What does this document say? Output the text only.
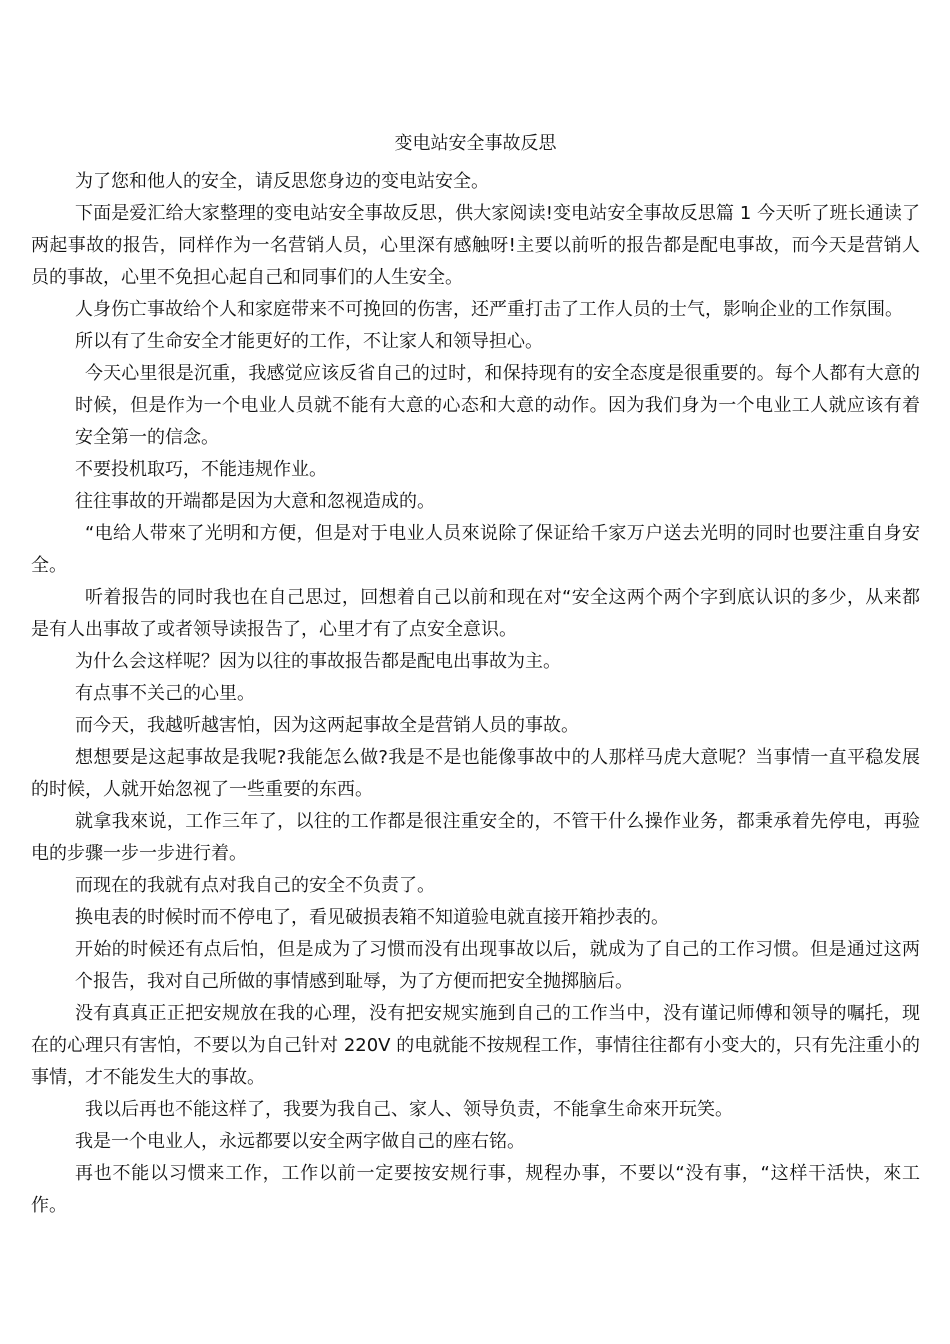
变电站安全事故反思

为了您和他人的安全，请反思您身边的变电站安全。

下面是爱汇给大家整理的变电站安全事故反思，供大家阅读!变电站安全事故反思篇 1 今天听了班长通读了两起事故的报告，同样作为一名营销人员，心里深有感触呀!主要以前听的报告都是配电事故，而今天是营销人员的事故，心里不免担心起自己和同事们的人生安全。

人身伤亡事故给个人和家庭带来不可挽回的伤害，还严重打击了工作人员的士气，影响企业的工作氛围。

所以有了生命安全才能更好的工作，不让家人和领导担心。

今天心里很是沉重，我感觉应该反省自己的过时，和保持现有的安全态度是很重要的。每个人都有大意的时候，但是作为一个电业人员就不能有大意的心态和大意的动作。因为我们身为一个电业工人就应该有着安全第一的信念。

不要投机取巧，不能违规作业。

往往事故的开端都是因为大意和忽视造成的。

“电给人带來了光明和方便，但是对于电业人员來说除了保证给千家万户送去光明的同时也要注重自身安全。

听着报告的同时我也在自己思过，回想着自己以前和现在对“安全这两个两个字到底认识的多少，从来都是有人出事故了或者领导读报告了，心里才有了点安全意识。

为什么会这样呢？因为以往的事故报告都是配电出事故为主。

有点事不关己的心里。

而今天，我越听越害怕，因为这两起事故全是营销人员的事故。

想想要是这起事故是我呢?我能怎么做?我是不是也能像事故中的人那样马虎大意呢？当事情一直平稳发展的时候，人就开始忽视了一些重要的东西。

就拿我來说，工作三年了，以往的工作都是很注重安全的，不管干什么操作业务，都秉承着先停电，再验电的步骤一步一步进行着。

而现在的我就有点对我自己的安全不负责了。

换电表的时候时而不停电了，看见破损表箱不知道验电就直接开箱抄表的。

开始的时候还有点后怕，但是成为了习惯而没有出现事故以后，就成为了自己的工作习惯。但是通过这两个报告，我对自己所做的事情感到耻辱，为了方便而把安全抛掷脑后。

没有真真正正把安规放在我的心理，没有把安规实施到自己的工作当中，没有谨记师傅和领导的嘱托，现在的心理只有害怕，不要以为自己针对 220V 的电就能不按规程工作，事情往往都有小变大的，只有先注重小的事情，才不能发生大的事故。

我以后再也不能这样了，我要为我自己、家人、领导负责，不能拿生命來开玩笑。

我是一个电业人，永远都要以安全两字做自己的座右铭。

再也不能以习惯来工作，工作以前一定要按安规行事，规程办事，不要以“没有事，“这样干活快，來工作。
